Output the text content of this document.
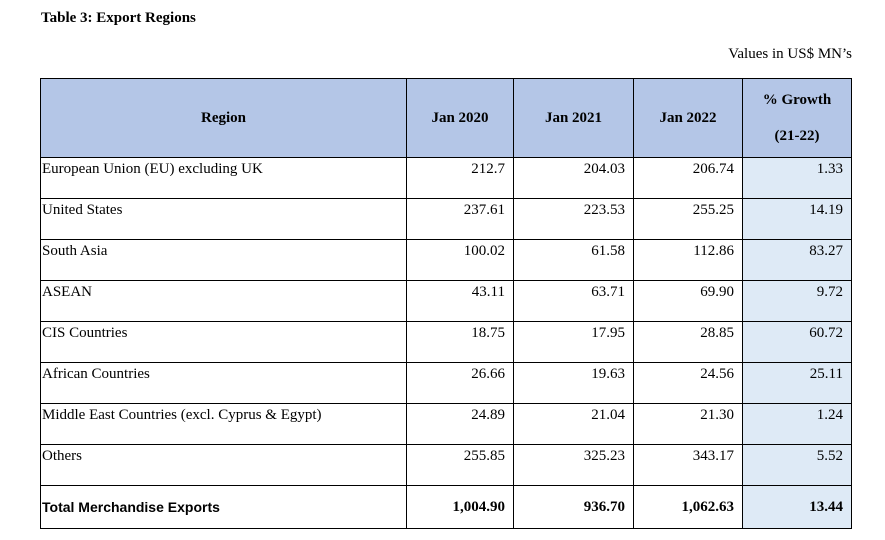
Table 3: Export Regions
Values in US$ MN’s
Region	Jan 2020	Jan 2021	Jan 2022	% Growth
(21-22)
European Union (EU) excluding UK	212.7	204.03	206.74	1.33
United States	237.61	223.53	255.25	14.19
South Asia	100.02	61.58	112.86	83.27
ASEAN	43.11	63.71	69.90	9.72
CIS Countries	18.75	17.95	28.85	60.72
African Countries	26.66	19.63	24.56	25.11
Middle East Countries (excl. Cyprus & Egypt)	24.89	21.04	21.30	1.24
Others	255.85	325.23	343.17	5.52
Total Merchandise Exports	1,004.90	936.70	1,062.63	13.44
